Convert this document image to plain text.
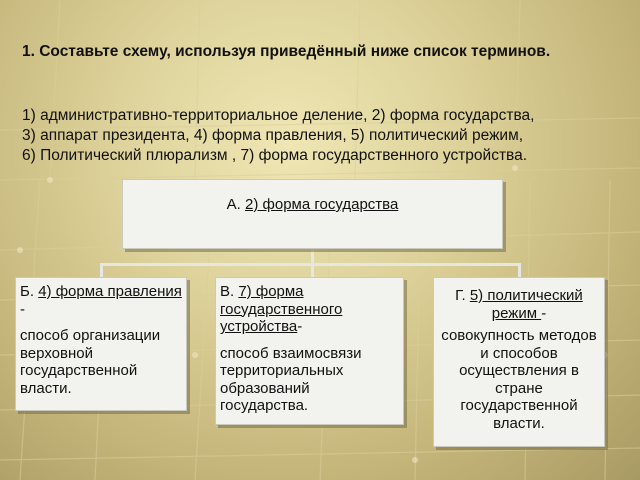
1. Составьте схему, используя приведённый ниже список терминов.
1) административно-территориальное деление, 2) форма государства,
3) аппарат президента, 4) форма правления, 5) политический режим,
6) Политический плюрализм , 7) форма государственного устройства.
А. 2) форма государства
Б. 4) форма правления -
способ организации верховной государственной власти.
В. 7) форма государственного устройства-
способ взаимосвязи территориальных образований государства.
Г. 5) политический режим -
совокупность методов и способов осуществления в стране государственной власти.
